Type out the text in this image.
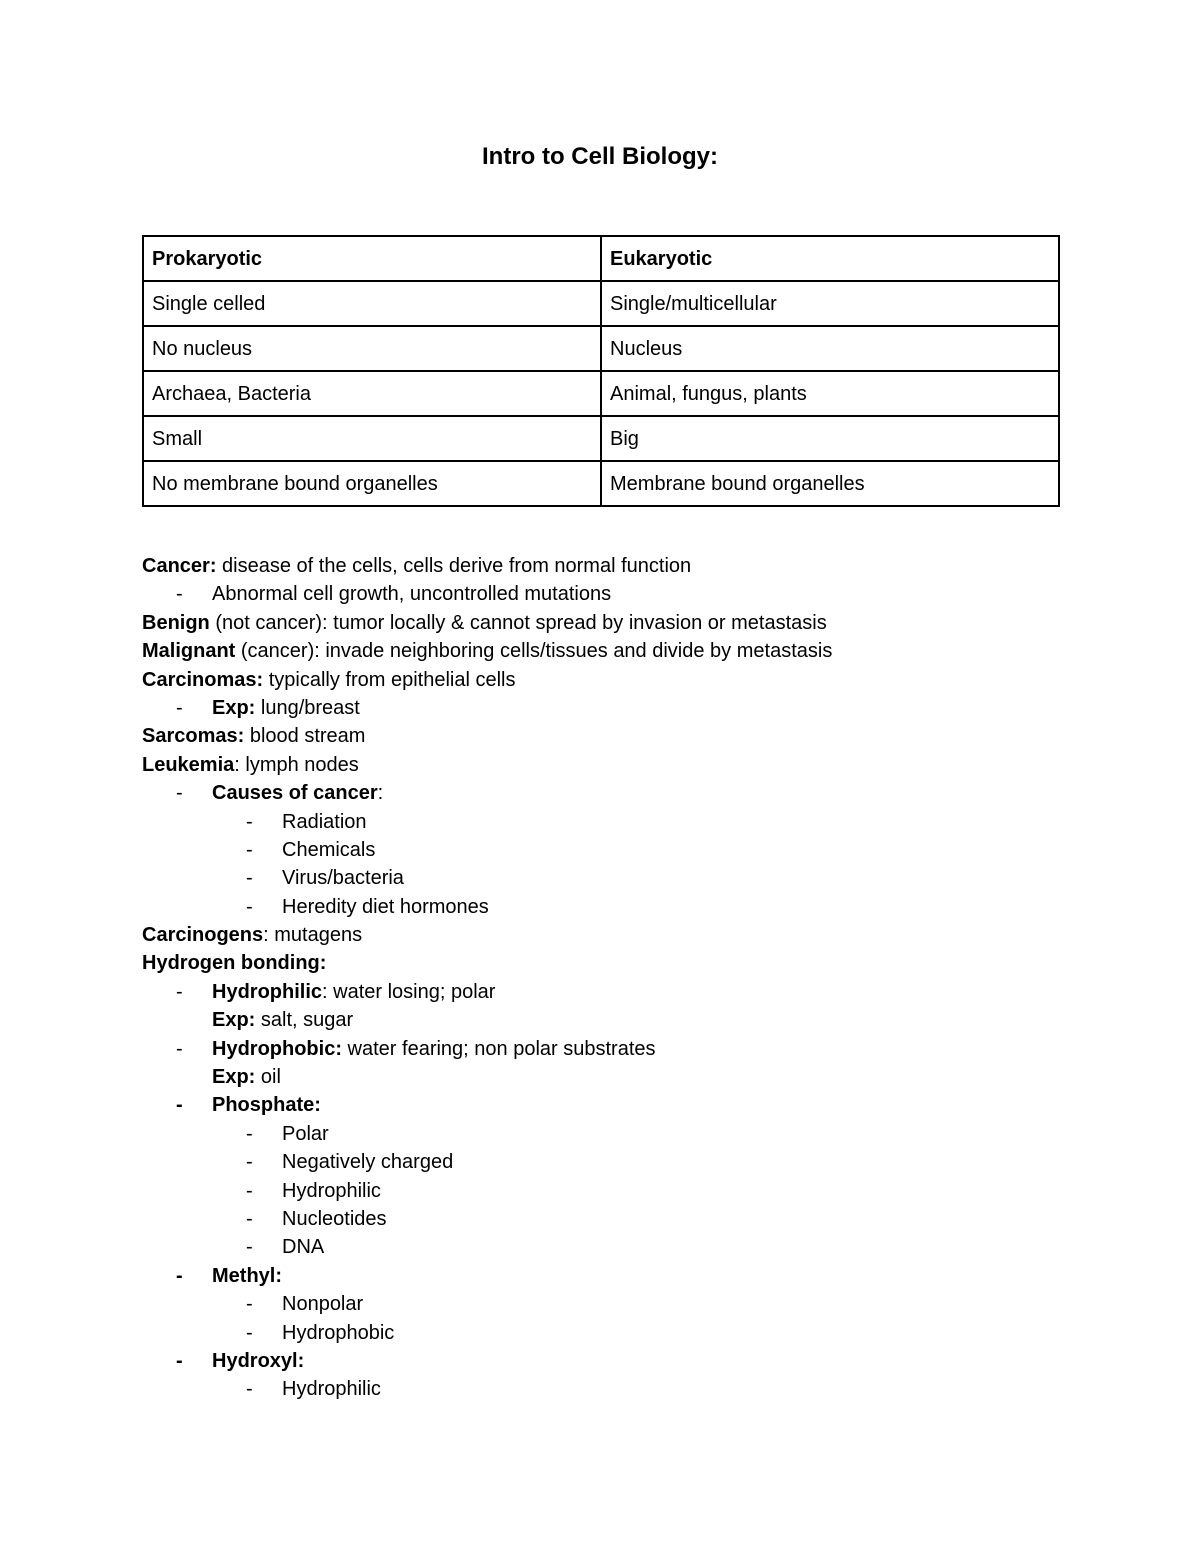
Intro to Cell Biology:
Prokaryotic	Eukaryotic
Single celled	Single/multicellular
No nucleus	Nucleus
Archaea, Bacteria	Animal, fungus, plants
Small	Big
No membrane bound organelles	Membrane bound organelles
Cancer: disease of the cells, cells derive from normal function
- Abnormal cell growth, uncontrolled mutations
Benign (not cancer): tumor locally & cannot spread by invasion or metastasis
Malignant (cancer): invade neighboring cells/tissues and divide by metastasis
Carcinomas: typically from epithelial cells
- Exp: lung/breast
Sarcomas: blood stream
Leukemia: lymph nodes
- Causes of cancer:
- Radiation
- Chemicals
- Virus/bacteria
- Heredity diet hormones
Carcinogens: mutagens
Hydrogen bonding:
- Hydrophilic: water losing; polar
Exp: salt, sugar
- Hydrophobic: water fearing; non polar substrates
Exp: oil
- Phosphate:
- Polar
- Negatively charged
- Hydrophilic
- Nucleotides
- DNA
- Methyl:
- Nonpolar
- Hydrophobic
- Hydroxyl:
- Hydrophilic
